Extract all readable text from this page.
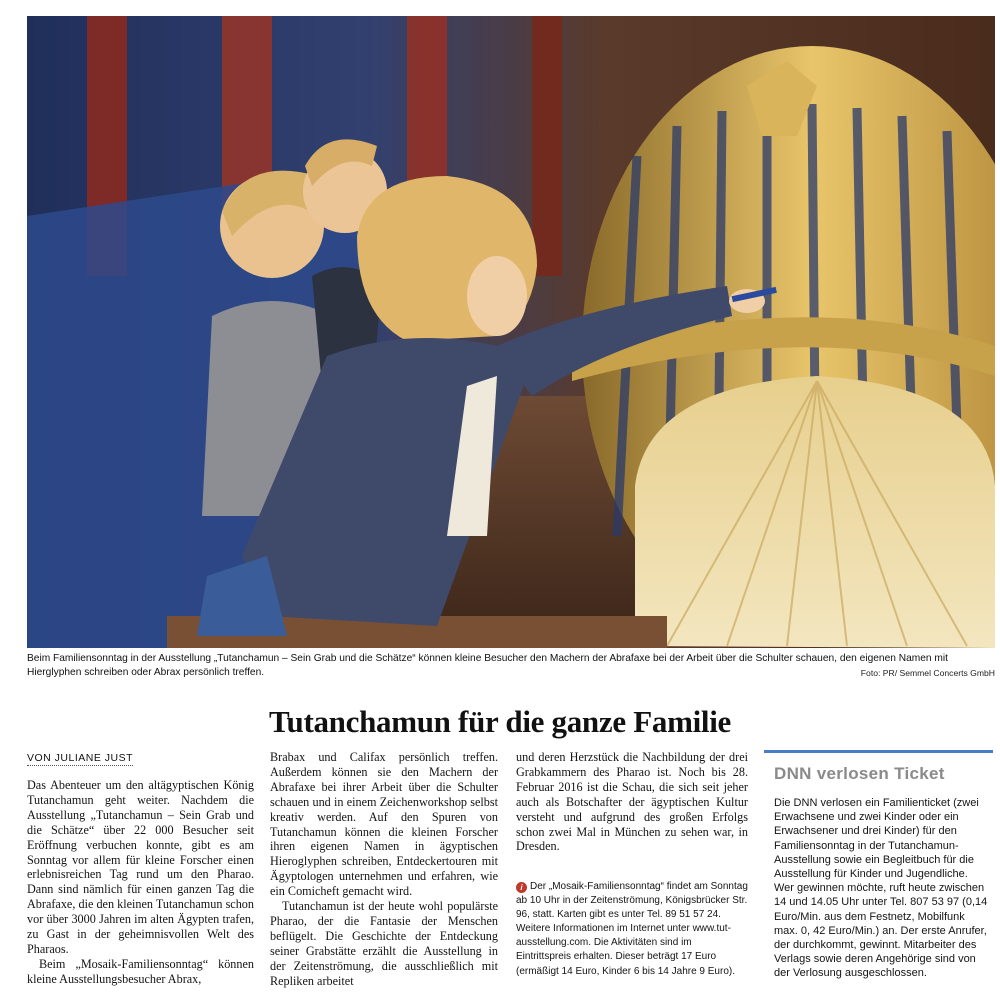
Beim Familiensonntag in der Ausstellung „Tutanchamun – Sein Grab und die Schätze“ können kleine Besucher den Machern der Abrafaxe bei der Arbeit über die Schulter schauen, den eigenen Namen mit Hierglyphen schreiben oder Abrax persönlich treffen.	Foto: PR/ Semmel Concerts GmbH
Tutanchamun für die ganze Familie
VON JULIANE JUST

Das Abenteuer um den altägyptischen König Tutanchamun geht weiter. Nachdem die Ausstellung „Tutanchamun – Sein Grab und die Schätze“ über 22 000 Besucher seit Eröffnung verbuchen konnte, gibt es am Sonntag vor allem für kleine Forscher einen erlebnisreichen Tag rund um den Pharao. Dann sind nämlich für einen ganzen Tag die Abrafaxe, die den kleinen Tutanchamun schon vor über 3000 Jahren im alten Ägypten trafen, zu Gast in der geheimnisvollen Welt des Pharaos.

Beim „Mosaik-Familiensonntag“ können kleine Ausstellungsbesucher Abrax,

Brabax und Califax persönlich treffen. Außerdem können sie den Machern der Abrafaxe bei ihrer Arbeit über die Schulter schauen und in einem Zeichenworkshop selbst kreativ werden. Auf den Spuren von Tutanchamun können die kleinen Forscher ihren eigenen Namen in ägyptischen Hieroglyphen schreiben, Entdeckertouren mit Ägyptologen unternehmen und erfahren, wie ein Comicheft gemacht wird.

Tutanchamun ist der heute wohl populärste Pharao, der die Fantasie der Menschen beflügelt. Die Geschichte der Entdeckung seiner Grabstätte erzählt die Ausstellung in der Zeitenströmung, die ausschließlich mit Repliken arbeitet

und deren Herzstück die Nachbildung der drei Grabkammern des Pharao ist. Noch bis 28. Februar 2016 ist die Schau, die sich seit jeher auch als Botschafter der ägyptischen Kultur versteht und aufgrund des großen Erfolgs schon zwei Mal in München zu sehen war, in Dresden.

i Der „Mosaik-Familiensonntag“ findet am Sonntag ab 10 Uhr in der Zeitenströmung, Königsbrücker Str. 96, statt. Karten gibt es unter Tel. 89 51 57 24. Weitere Informationen im Internet unter www.tut-ausstellung.com. Die Aktivitäten sind im Eintrittspreis erhalten. Dieser beträgt 17 Euro (ermäßigt 14 Euro, Kinder 6 bis 14 Jahre 9 Euro).
DNN verlosen Ticket
Die DNN verlosen ein Familienticket (zwei Erwachsene und zwei Kinder oder ein Erwachsener und drei Kinder) für den Familiensonntag in der Tutanchamun-Ausstellung sowie ein Begleitbuch für die Ausstellung für Kinder und Jugendliche. Wer gewinnen möchte, ruft heute zwischen 14 und 14.05 Uhr unter Tel. 807 53 97 (0,14 Euro/Min. aus dem Festnetz, Mobilfunk max. 0, 42 Euro/Min.) an. Der erste Anrufer, der durchkommt, gewinnt. Mitarbeiter des Verlags sowie deren Angehörige sind von der Verlosung ausgeschlossen.
